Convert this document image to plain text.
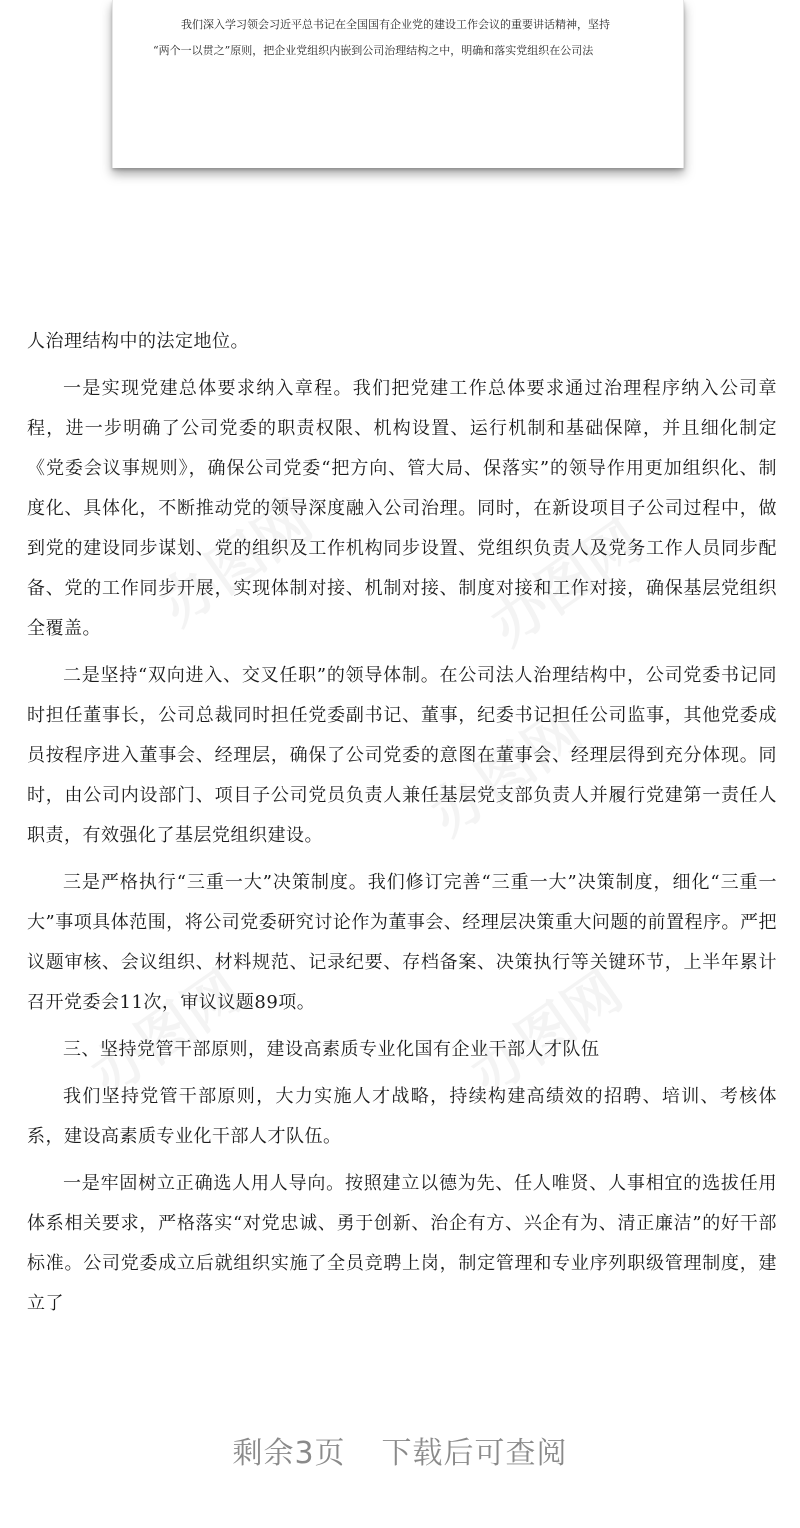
我们深入学习领会习近平总书记在全国国有企业党的建设工作会议的重要讲话精神，坚持
“两个一以贯之”原则，把企业党组织内嵌到公司治理结构之中，明确和落实党组织在公司法

人治理结构中的法定地位。

一是实现党建总体要求纳入章程。我们把党建工作总体要求通过治理程序纳入公司章程，进一步明确了公司党委的职责权限、机构设置、运行机制和基础保障，并且细化制定《党委会议事规则》，确保公司党委“把方向、管大局、保落实”的领导作用更加组织化、制度化、具体化，不断推动党的领导深度融入公司治理。同时，在新设项目子公司过程中，做到党的建设同步谋划、党的组织及工作机构同步设置、党组织负责人及党务工作人员同步配备、党的工作同步开展，实现体制对接、机制对接、制度对接和工作对接，确保基层党组织全覆盖。

二是坚持“双向进入、交叉任职”的领导体制。在公司法人治理结构中，公司党委书记同时担任董事长，公司总裁同时担任党委副书记、董事，纪委书记担任公司监事，其他党委成员按程序进入董事会、经理层，确保了公司党委的意图在董事会、经理层得到充分体现。同时，由公司内设部门、项目子公司党员负责人兼任基层党支部负责人并履行党建第一责任人职责，有效强化了基层党组织建设。

三是严格执行“三重一大”决策制度。我们修订完善“三重一大”决策制度，细化“三重一大”事项具体范围，将公司党委研究讨论作为董事会、经理层决策重大问题的前置程序。严把议题审核、会议组织、材料规范、记录纪要、存档备案、决策执行等关键环节，上半年累计召开党委会11次，审议议题89项。

三、坚持党管干部原则，建设高素质专业化国有企业干部人才队伍

我们坚持党管干部原则，大力实施人才战略，持续构建高绩效的招聘、培训、考核体系，建设高素质专业化干部人才队伍。

一是牢固树立正确选人用人导向。按照建立以德为先、任人唯贤、人事相宜的选拔任用体系相关要求，严格落实“对党忠诚、勇于创新、治企有方、兴企有为、清正廉洁”的好干部标准。公司党委成立后就组织实施了全员竞聘上岗，制定管理和专业序列职级管理制度，建立了

剩余3页 下载后可查阅
